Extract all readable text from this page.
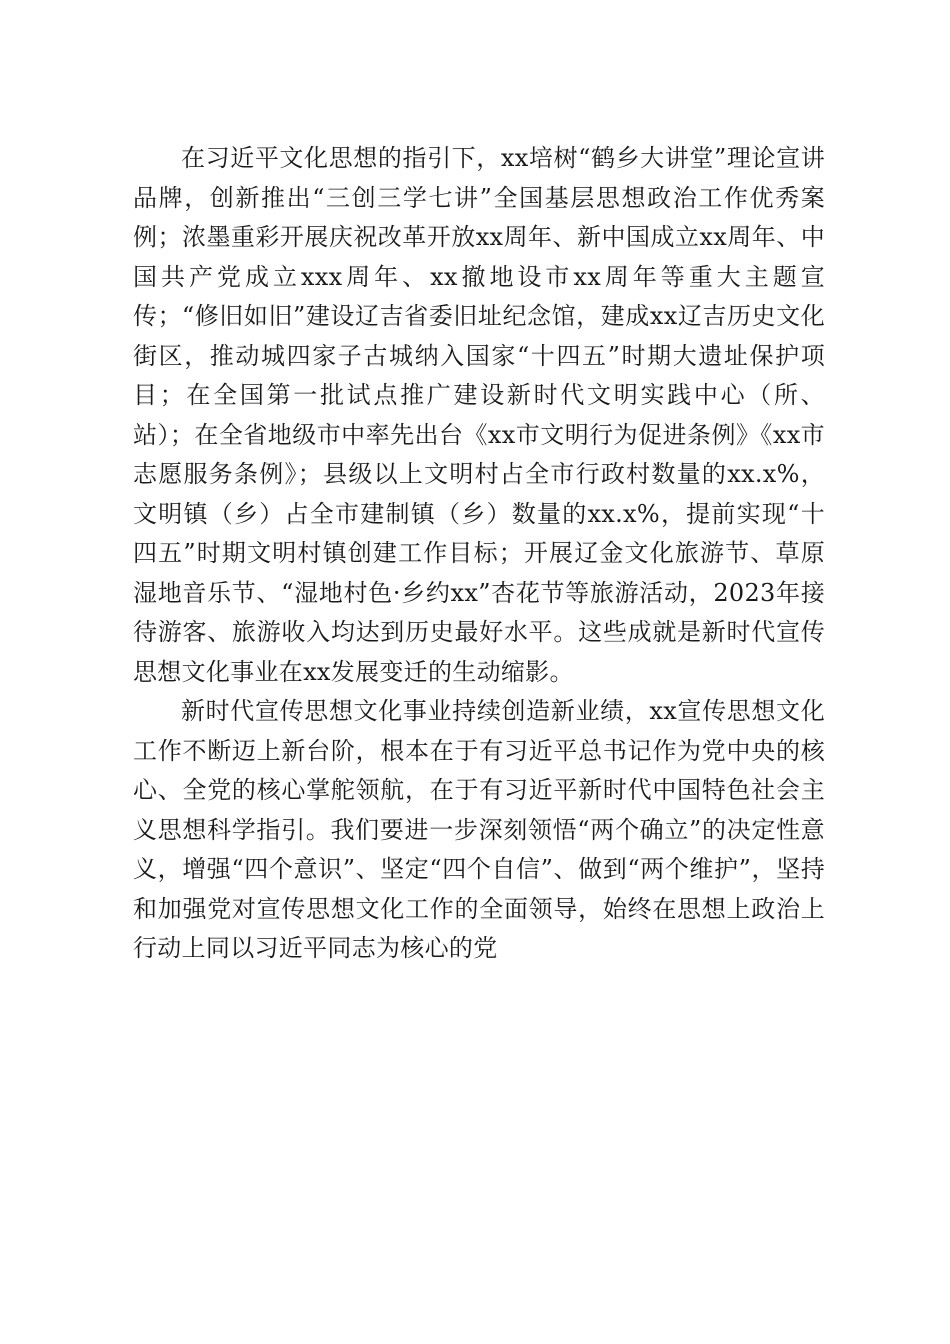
在习近平文化思想的指引下，xx培树“鹤乡大讲堂”理论宣讲品牌，创新推出“三创三学七讲”全国基层思想政治工作优秀案例；浓墨重彩开展庆祝改革开放xx周年、新中国成立xx周年、中国共产党成立xxx周年、xx撤地设市xx周年等重大主题宣传；“修旧如旧”建设辽吉省委旧址纪念馆，建成xx辽吉历史文化街区，推动城四家子古城纳入国家“十四五”时期大遗址保护项目；在全国第一批试点推广建设新时代文明实践中心（所、站）；在全省地级市中率先出台《xx市文明行为促进条例》《xx市志愿服务条例》；县级以上文明村占全市行政村数量的xx.x%，文明镇（乡）占全市建制镇（乡）数量的xx.x%，提前实现“十四五”时期文明村镇创建工作目标；开展辽金文化旅游节、草原湿地音乐节、“湿地村色·乡约xx”杏花节等旅游活动，2023年接待游客、旅游收入均达到历史最好水平。这些成就是新时代宣传思想文化事业在xx发展变迁的生动缩影。

新时代宣传思想文化事业持续创造新业绩，xx宣传思想文化工作不断迈上新台阶，根本在于有习近平总书记作为党中央的核心、全党的核心掌舵领航，在于有习近平新时代中国特色社会主义思想科学指引。我们要进一步深刻领悟“两个确立”的决定性意义，增强“四个意识”、坚定“四个自信”、做到“两个维护”，坚持和加强党对宣传思想文化工作的全面领导，始终在思想上政治上行动上同以习近平同志为核心的党
